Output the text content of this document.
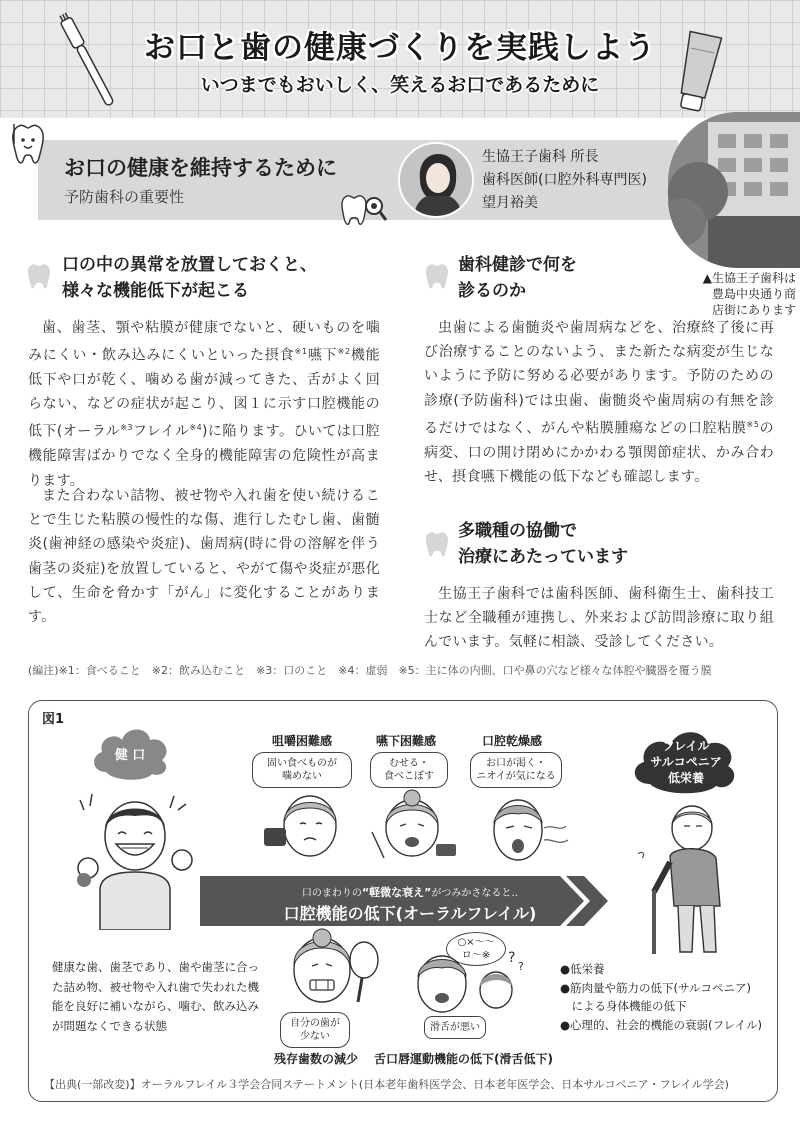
お口と歯の健康づくりを実践しよう
いつまでもおいしく、笑えるお口であるために
お口の健康を維持するために
予防歯科の重要性
生協王子歯科 所長
歯科医師(口腔外科専門医)
望月裕美
▲生協王子歯科は
豊島中央通り商
店街にあります
口の中の異常を放置しておくと、
様々な機能低下が起こる
歯、歯茎、顎や粘膜が健康でないと、硬いものを噛みにくい・飲み込みにくいといった摂食$^{※1}$嚥下$^{※2}$機能低下や口が乾く、噛める歯が減ってきた、舌がよく回らない、などの症状が起こり、図１に示す口腔機能の低下(オーラル$^{※3}$フレイル$^{※4}$)に陥ります。ひいては口腔機能障害ばかりでなく全身的機能障害の危険性が高まります。
また合わない詰物、被せ物や入れ歯を使い続けることで生じた粘膜の慢性的な傷、進行したむし歯、歯髄炎(歯神経の感染や炎症)、歯周病(時に骨の溶解を伴う歯茎の炎症)を放置していると、やがて傷や炎症が悪化して、生命を脅かす「がん」に変化することがあります。
歯科健診で何を
診るのか
虫歯による歯髄炎や歯周病などを、治療終了後に再び治療することのないよう、また新たな病変が生じないように予防に努める必要があります。予防のための診療(予防歯科)では虫歯、歯髄炎や歯周病の有無を診るだけではなく、がんや粘膜腫瘍などの口腔粘膜$^{※5}$の病変、口の開け閉めにかかわる顎関節症状、かみ合わせ、摂食嚥下機能の低下なども確認します。
多職種の協働で
治療にあたっています
生協王子歯科では歯科医師、歯科衛生士、歯科技工士など全職種が連携し、外来および訪問診療に取り組んでいます。気軽に相談、受診してください。
(編注)※1：食べること　※2：飲み込むこと　※3：口のこと　※4：虚弱　※5：主に体の内側、口や鼻の穴など様々な体腔や臓器を覆う膜
図1
健 口
咀嚼困難感
固い食べものが
噛めない
嚥下困難感
むせる・
食べこぼす
口腔乾燥感
お口が渇く・
ニオイが気になる
フレイル
サルコペニア
低栄養
口のまわりの“軽微な衰え”がつみかさなると‥
口腔機能の低下(オーラルフレイル)
健康な歯、歯茎であり、歯や歯茎に合った詰め物、被せ物や入れ歯で失われた機能を良好に補いながら、噛む、飲み込みが問題なくできる状態	自分の歯が
少ない
残存歯数の減少
○×～～
ロ～※	?
?
滑舌が悪い
舌口唇運動機能の低下(滑舌低下)
●低栄養
●筋肉量や筋力の低下(サルコペニア)
　による身体機能の低下
●心理的、社会的機能の衰弱(フレイル)
【出典(一部改変)】オーラルフレイル３学会合同ステートメント(日本老年歯科医学会、日本老年医学会、日本サルコペニア・フレイル学会)
